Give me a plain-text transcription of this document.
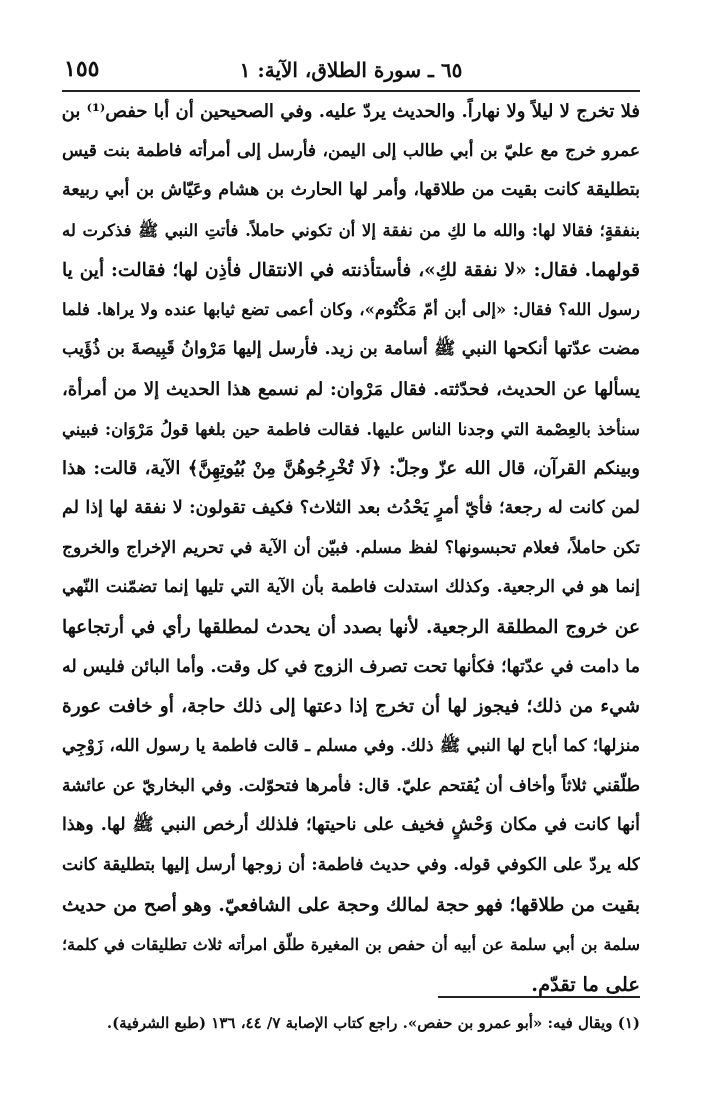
٦٥ ـ سورة الطلاق، الآية: ١
١٥٥
فلا تخرج لا ليلاً ولا نهاراً. والحديث يردّ عليه. وفي الصحيحين أن أبا حفص⁽¹⁾ بن
عمرو خرج مع عليّ بن أبي طالب إلى اليمن، فأرسل إلى أمرأته فاطمة بنت قيس
بتطليقة كانت بقيت من طلاقها، وأمر لها الحارث بن هشام وعَيّاش بن أبي ربيعة
بنفقةٍ؛ فقالا لها: والله ما لكِ من نفقة إلا أن تكوني حاملاً. فأتتِ النبي ﷺ فذكرت له
قولهما. فقال: «لا نفقة لكِ»، فأستأذنته في الانتقال فأذِن لها؛ فقالت: أين يا
رسول الله؟ فقال: «إلى أبن أمّ مَكْتُوم»، وكان أعمى تضع ثيابها عنده ولا يراها. فلما
مضت عدّتها أنكحها النبي ﷺ أسامة بن زيد. فأرسل إليها مَرْوانُ قَبِيصةَ بن ذُؤَيب
يسألها عن الحديث، فحدّثته. فقال مَرْوان: لم نسمع هذا الحديث إلا من أمرأة،
سنأخذ بالعِصْمة التي وجدنا الناس عليها. فقالت فاطمة حين بلغها قولُ مَرْوَان: فبيني
وبينكم القرآن، قال الله عزّ وجلّ: ﴿لَا تُخْرِجُوهُنَّ مِنْ بُيُوتِهِنَّ﴾ الآية، قالت: هذا
لمن كانت له رجعة؛ فأيّ أمرٍ يَحْدُث بعد الثلاث؟ فكيف تقولون: لا نفقة لها إذا لم
تكن حاملاً، فعلام تحبسونها؟ لفظ مسلم. فبيّن أن الآية في تحريم الإخراج والخروج
إنما هو في الرجعية. وكذلك استدلت فاطمة بأن الآية التي تليها إنما تضمّنت النّهي
عن خروج المطلقة الرجعية. لأنها بصدد أن يحدث لمطلقها رأي في أرتجاعها
ما دامت في عدّتها؛ فكأنها تحت تصرف الزوج في كل وقت. وأما البائن فليس له
شيء من ذلك؛ فيجوز لها أن تخرج إذا دعتها إلى ذلك حاجة، أو خافت عورة
منزلها؛ كما أباح لها النبي ﷺ ذلك. وفي مسلم ـ قالت فاطمة يا رسول الله، زَوْجِي
طلّقني ثلاثاً وأخاف أن يُقتحم عليّ. قال: فأمرها فتحوّلت. وفي البخاريّ عن عائشة
أنها كانت في مكان وَحْشٍ فخيف على ناحيتها؛ فلذلك أرخص النبي ﷺ لها. وهذا
كله يردّ على الكوفي قوله. وفي حديث فاطمة: أن زوجها أرسل إليها بتطليقة كانت
بقيت من طلاقها؛ فهو حجة لمالك وحجة على الشافعيّ. وهو أصح من حديث
سلمة بن أبي سلمة عن أبيه أن حفص بن المغيرة طلّق امرأته ثلاث تطليقات في كلمة؛
على ما تقدّم.
(١) ويقال فيه: «أبو عمرو بن حفص». راجع كتاب الإصابة ٧/ ٤٤، ١٣٦ (طبع الشرفية).
